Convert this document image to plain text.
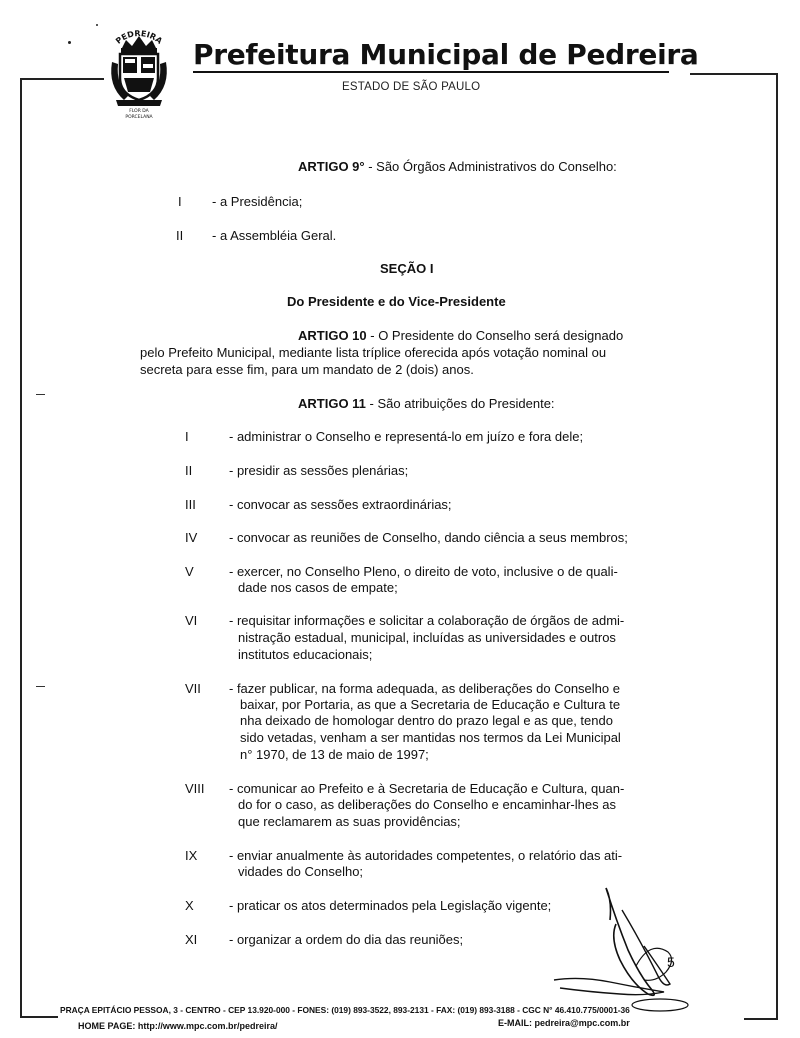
PEDREIRA
FLOR DA
PORCELANA
Prefeitura Municipal de Pedreira
ESTADO DE SÃO PAULO
ARTIGO 9° - São Órgãos Administrativos do Conselho:
I - a Presidência;
II - a Assembléia Geral.
SEÇÃO I
Do Presidente e do Vice-Presidente
ARTIGO 10 - O Presidente do Conselho será designado
pelo Prefeito Municipal, mediante lista tríplice oferecida após votação nominal ou
secreta para esse fim, para um mandato de 2 (dois) anos.
ARTIGO 11 - São atribuições do Presidente:
I	- administrar o Conselho e representá-lo em juízo e fora dele;
II	- presidir as sessões plenárias;
III	- convocar as sessões extraordinárias;
IV - convocar as reuniões de Conselho, dando ciência a seus membros;
V	- exercer, no Conselho Pleno, o direito de voto, inclusive o de quali-
dade nos casos de empate;
VI - requisitar informações e solicitar a colaboração de órgãos de admi-
nistração estadual, municipal, incluídas as universidades e outros
institutos educacionais;
VII - fazer publicar, na forma adequada, as deliberações do Conselho e
baixar, por Portaria, as que a Secretaria de Educação e Cultura te
nha deixado de homologar dentro do prazo legal e as que, tendo
sido vetadas, venham a ser mantidas nos termos da Lei Municipal
n° 1970, de 13 de maio de 1997;
VIII - comunicar ao Prefeito e à Secretaria de Educação e Cultura, quan-
do for o caso, as deliberações do Conselho e encaminhar-lhes as
que reclamarem as suas providências;
IX - enviar anualmente às autoridades competentes, o relatório das ati-
vidades do Conselho;
X	- praticar os atos determinados pela Legislação vigente;
XI - organizar a ordem do dia das reuniões;
5
PRAÇA EPITÁCIO PESSOA, 3 - CENTRO - CEP 13.920-000 - FONES: (019) 893-3522, 893-2131 - FAX: (019) 893-3188 - CGC N° 46.410.775/0001-36
HOME PAGE: http://www.mpc.com.br/pedreira/	E-MAIL: pedreira@mpc.com.br
